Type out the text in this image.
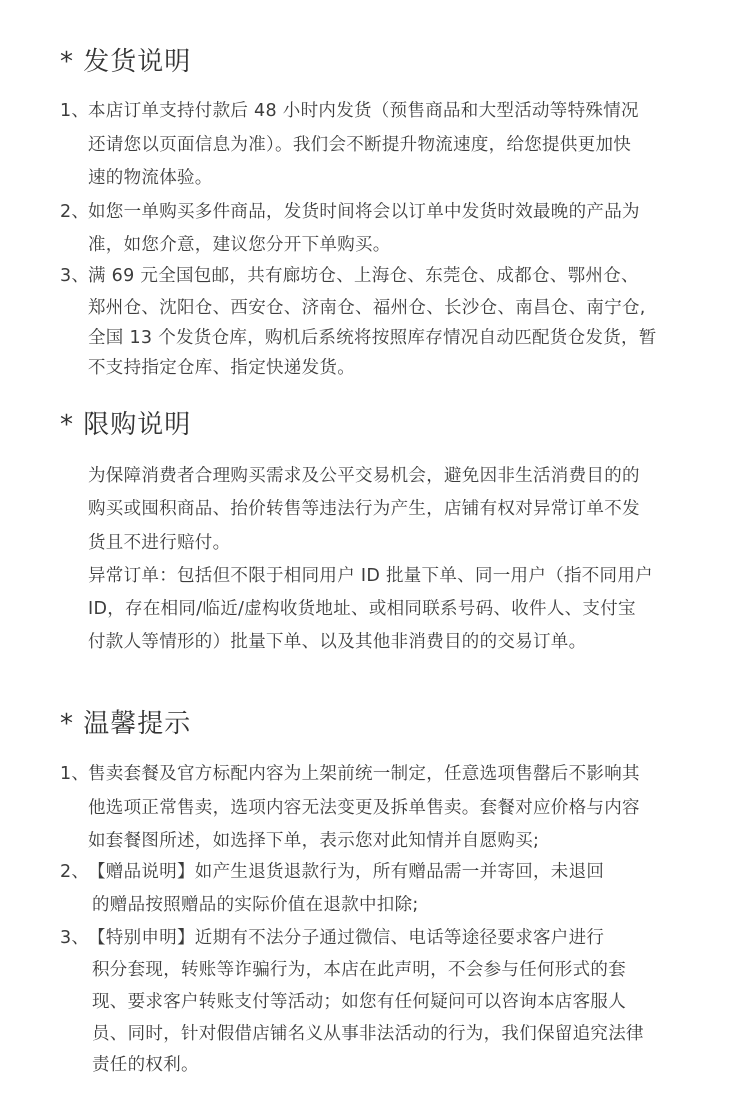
* 发货说明
1、
本店订单支持付款后 48 小时内发货（预售商品和大型活动等特殊情况
还请您以页面信息为准）。我们会不断提升物流速度，给您提供更加快
速的物流体验。
2、
如您一单购买多件商品，发货时间将会以订单中发货时效最晚的产品为
准，如您介意，建议您分开下单购买。
3、
满 69 元全国包邮，共有廊坊仓、上海仓、东莞仓、成都仓、鄂州仓、
郑州仓、沈阳仓、西安仓、济南仓、福州仓、长沙仓、南昌仓、南宁仓,
全国 13 个发货仓库，购机后系统将按照库存情况自动匹配货仓发货，暂
不支持指定仓库、指定快递发货。
* 限购说明
为保障消费者合理购买需求及公平交易机会，避免因非生活消费目的的
购买或囤积商品、抬价转售等违法行为产生，店铺有权对异常订单不发
货且不进行赔付。
异常订单：包括但不限于相同用户 ID 批量下单、同一用户（指不同用户
ID，存在相同/临近/虚构收货地址、或相同联系号码、收件人、支付宝
付款人等情形的）批量下单、以及其他非消费目的的交易订单。
* 温馨提示
1、
售卖套餐及官方标配内容为上架前统一制定，任意选项售罄后不影响其
他选项正常售卖，选项内容无法变更及拆单售卖。套餐对应价格与内容
如套餐图所述，如选择下单，表示您对此知情并自愿购买;
2、
【赠品说明】如产生退货退款行为，所有赠品需一并寄回，未退回
的赠品按照赠品的实际价值在退款中扣除;
3、
【特别申明】近期有不法分子通过微信、电话等途径要求客户进行
积分套现，转账等诈骗行为，本店在此声明，不会参与任何形式的套
现、要求客户转账支付等活动；如您有任何疑问可以咨询本店客服人
员、同时，针对假借店铺名义从事非法活动的行为，我们保留追究法律
责任的权利。
